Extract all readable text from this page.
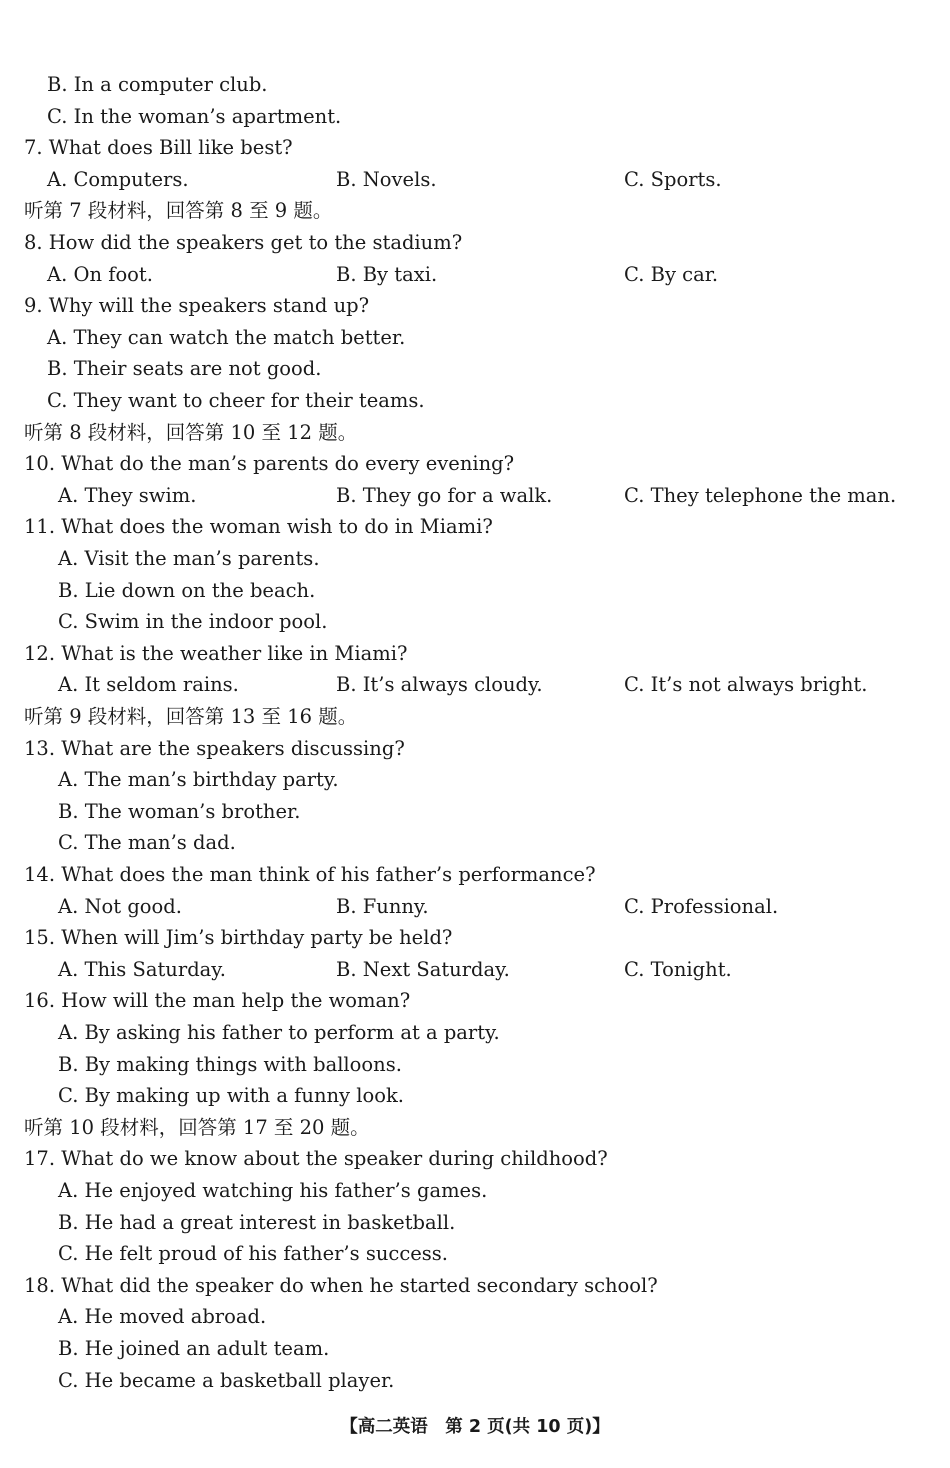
B. In a computer club.
C. In the woman’s apartment.
7. What does Bill like best?
A. Computers.	B. Novels.	C. Sports.
听第 7 段材料，回答第 8 至 9 题。
8. How did the speakers get to the stadium?
A. On foot.	B. By taxi.	C. By car.
9. Why will the speakers stand up?
A. They can watch the match better.
B. Their seats are not good.
C. They want to cheer for their teams.
听第 8 段材料，回答第 10 至 12 题。
10. What do the man’s parents do every evening?
A. They swim.	B. They go for a walk.	C. They telephone the man.
11. What does the woman wish to do in Miami?
A. Visit the man’s parents.
B. Lie down on the beach.
C. Swim in the indoor pool.
12. What is the weather like in Miami?
A. It seldom rains.	B. It’s always cloudy.	C. It’s not always bright.
听第 9 段材料，回答第 13 至 16 题。
13. What are the speakers discussing?
A. The man’s birthday party.
B. The woman’s brother.
C. The man’s dad.
14. What does the man think of his father’s performance?
A. Not good.	B. Funny.	C. Professional.
15. When will Jim’s birthday party be held?
A. This Saturday.	B. Next Saturday.	C. Tonight.
16. How will the man help the woman?
A. By asking his father to perform at a party.
B. By making things with balloons.
C. By making up with a funny look.
听第 10 段材料，回答第 17 至 20 题。
17. What do we know about the speaker during childhood?
A. He enjoyed watching his father’s games.
B. He had a great interest in basketball.
C. He felt proud of his father’s success.
18. What did the speaker do when he started secondary school?
A. He moved abroad.
B. He joined an adult team.
C. He became a basketball player.
【高二英语　第 2 页(共 10 页)】
